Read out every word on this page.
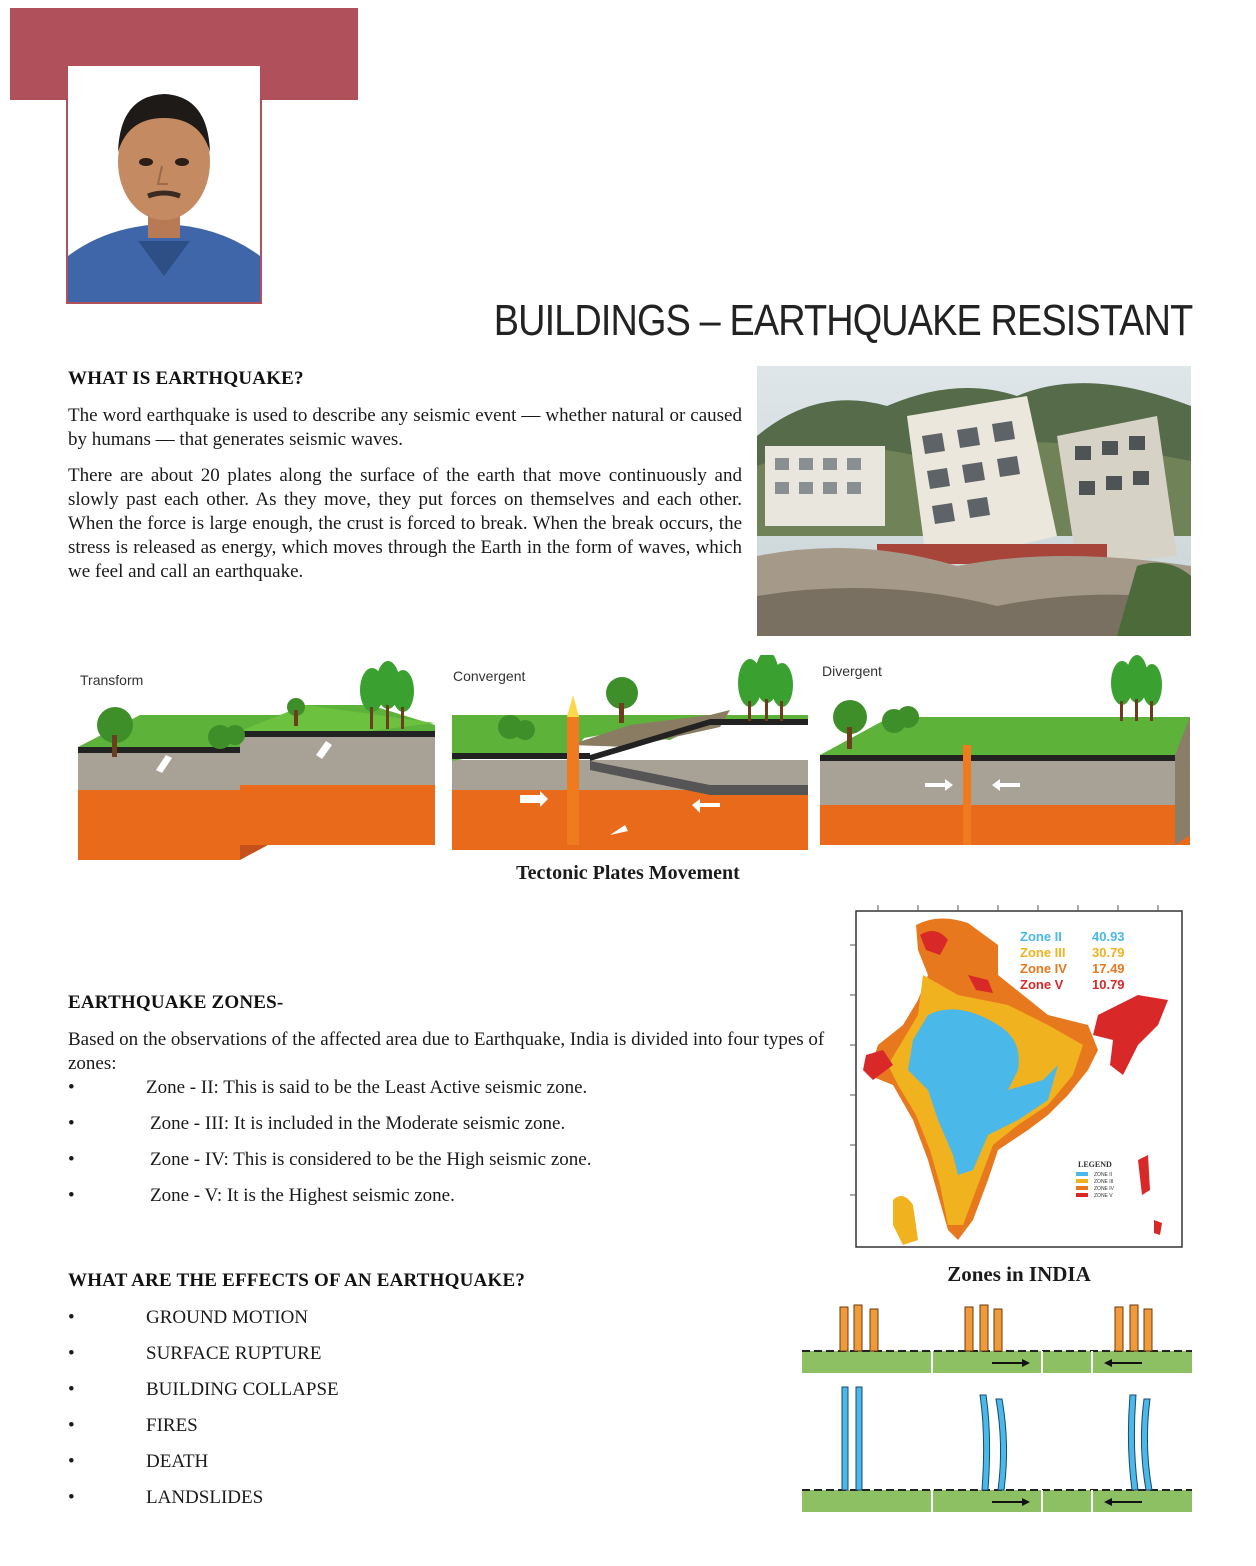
BUILDINGS – EARTHQUAKE RESISTANT
WHAT IS EARTHQUAKE?

The word earthquake is used to describe any seismic event — whether natural or caused by humans — that generates seismic waves.

There are about 20 plates along the surface of the earth that move continuously and slowly past each other. As they move, they put forces on themselves and each other. When the force is large enough, the crust is forced to break. When the break occurs, the stress is released as energy, which moves through the Earth in the form of waves, which we feel and call an earthquake.

Transform	Convergent	Divergent
Tectonic Plates Movement
EARTHQUAKE ZONES-

Based on the observations of the affected area due to Earthquake, India is divided into four types of zones:

•	Zone - II: This is said to be the Least Active seismic zone.
•	Zone - III: It is included in the Moderate seismic zone.
•	Zone - IV: This is considered to be the High seismic zone.
•	Zone - V: It is the Highest seismic zone.
WHAT ARE THE EFFECTS OF AN EARTHQUAKE?
•	GROUND MOTION
•	SURFACE RUPTURE
•	BUILDING COLLAPSE
•	FIRES
•	DEATH
•	LANDSLIDES
Zone II 40.93
Zone III 30.79
Zone IV 17.49
Zone V 10.79
LEGEND
ZONE II
ZONE III
ZONE IV
ZONE V
Zones in INDIA
